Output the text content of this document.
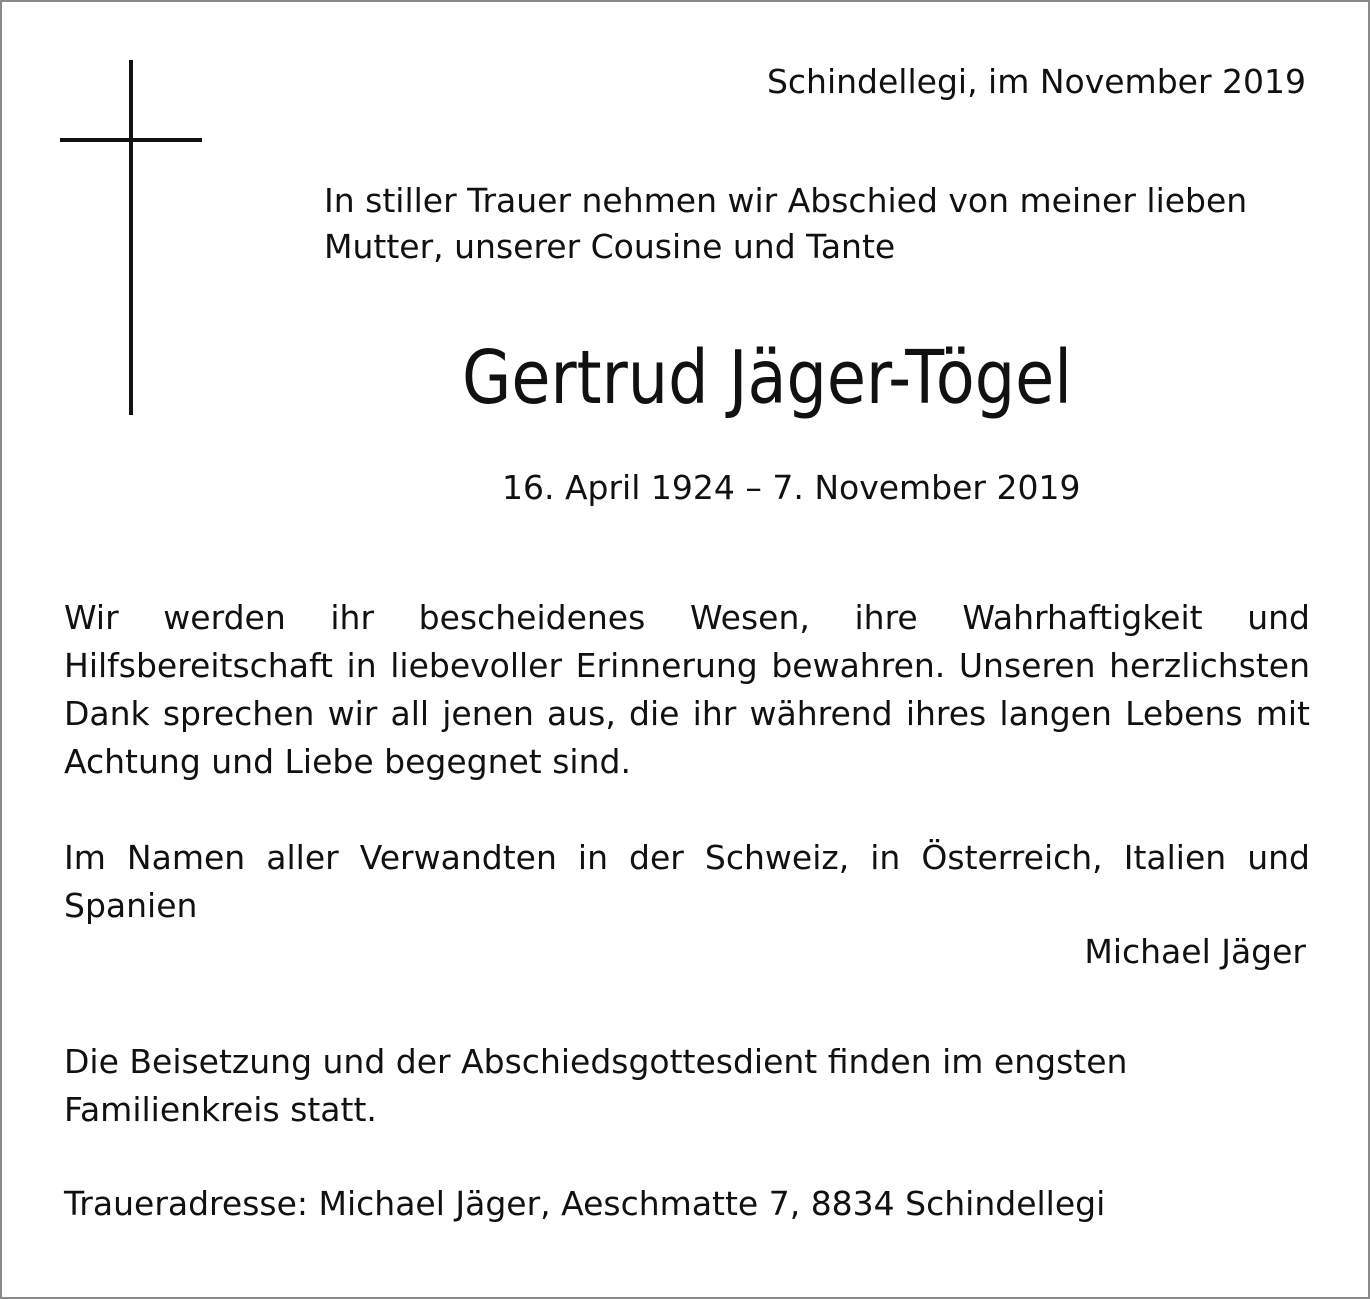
Schindellegi, im November 2019
In stiller Trauer nehmen wir Abschied von meiner lieben
Mutter, unserer Cousine und Tante
Gertrud Jäger-Tögel
16. April 1924 – 7. November 2019
Wir werden ihr bescheidenes Wesen, ihre Wahrhaftigkeit und Hilfsbereitschaft in liebevoller Erinnerung bewahren. Unseren herzlichsten Dank sprechen wir all jenen aus, die ihr während ihres langen Lebens mit Achtung und Liebe begegnet sind.
Im Namen aller Verwandten in der Schweiz, in Österreich, Italien und Spanien
Michael Jäger
Die Beisetzung und der Abschiedsgottesdient finden im engsten Familienkreis statt.
Traueradresse: Michael Jäger, Aeschmatte 7, 8834 Schindellegi
